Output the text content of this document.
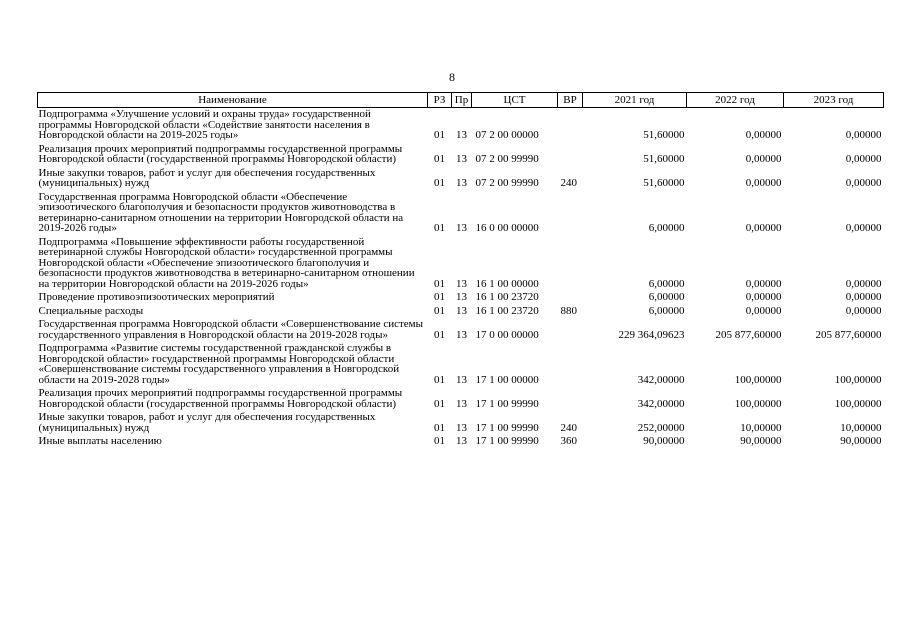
8
Наименование	РЗ	Пр	ЦСТ	ВР	2021 год	2022 год	2023 год
Подпрограмма «Улучшение условий и охраны труда» государственной программы Новгородской области «Содействие занятости населения в Новгородской области на 2019-2025 годы»	01	13	07 2 00 00000		51,60000	0,00000	0,00000
Реализация прочих мероприятий подпрограммы государственной программы Новгородской области (государственной программы Новгородской области)	01	13	07 2 00 99990		51,60000	0,00000	0,00000
Иные закупки товаров, работ и услуг для обеспечения государственных (муниципальных) нужд	01	13	07 2 00 99990	240	51,60000	0,00000	0,00000
Государственная программа Новгородской области «Обеспечение эпизоотического благополучия и безопасности продуктов животноводства в ветеринарно-санитарном отношении на территории Новгородской области на 2019-2026 годы»	01	13	16 0 00 00000		6,00000	0,00000	0,00000
Подпрограмма «Повышение эффективности работы государственной ветеринарной службы Новгородской области» государственной программы Новгородской области «Обеспечение эпизоотического благополучия и безопасности продуктов животноводства в ветеринарно-санитарном отношении на территории Новгородской области на 2019-2026 годы»	01	13	16 1 00 00000		6,00000	0,00000	0,00000
Проведение противоэпизоотических мероприятий	01	13	16 1 00 23720		6,00000	0,00000	0,00000
Специальные расходы	01	13	16 1 00 23720	880	6,00000	0,00000	0,00000
Государственная программа Новгородской области «Совершенствование системы государственного управления в Новгородской области на 2019-2028 годы»	01	13	17 0 00 00000		229 364,09623	205 877,60000	205 877,60000
Подпрограмма «Развитие системы государственной гражданской службы в Новгородской области» государственной программы Новгородской области «Совершенствование системы государственного управления в Новгородской области на 2019-2028 годы»	01	13	17 1 00 00000		342,00000	100,00000	100,00000
Реализация прочих мероприятий подпрограммы государственной программы Новгородской области (государственной программы Новгородской области)	01	13	17 1 00 99990		342,00000	100,00000	100,00000
Иные закупки товаров, работ и услуг для обеспечения государственных (муниципальных) нужд	01	13	17 1 00 99990	240	252,00000	10,00000	10,00000
Иные выплаты населению	01	13	17 1 00 99990	360	90,00000	90,00000	90,00000
